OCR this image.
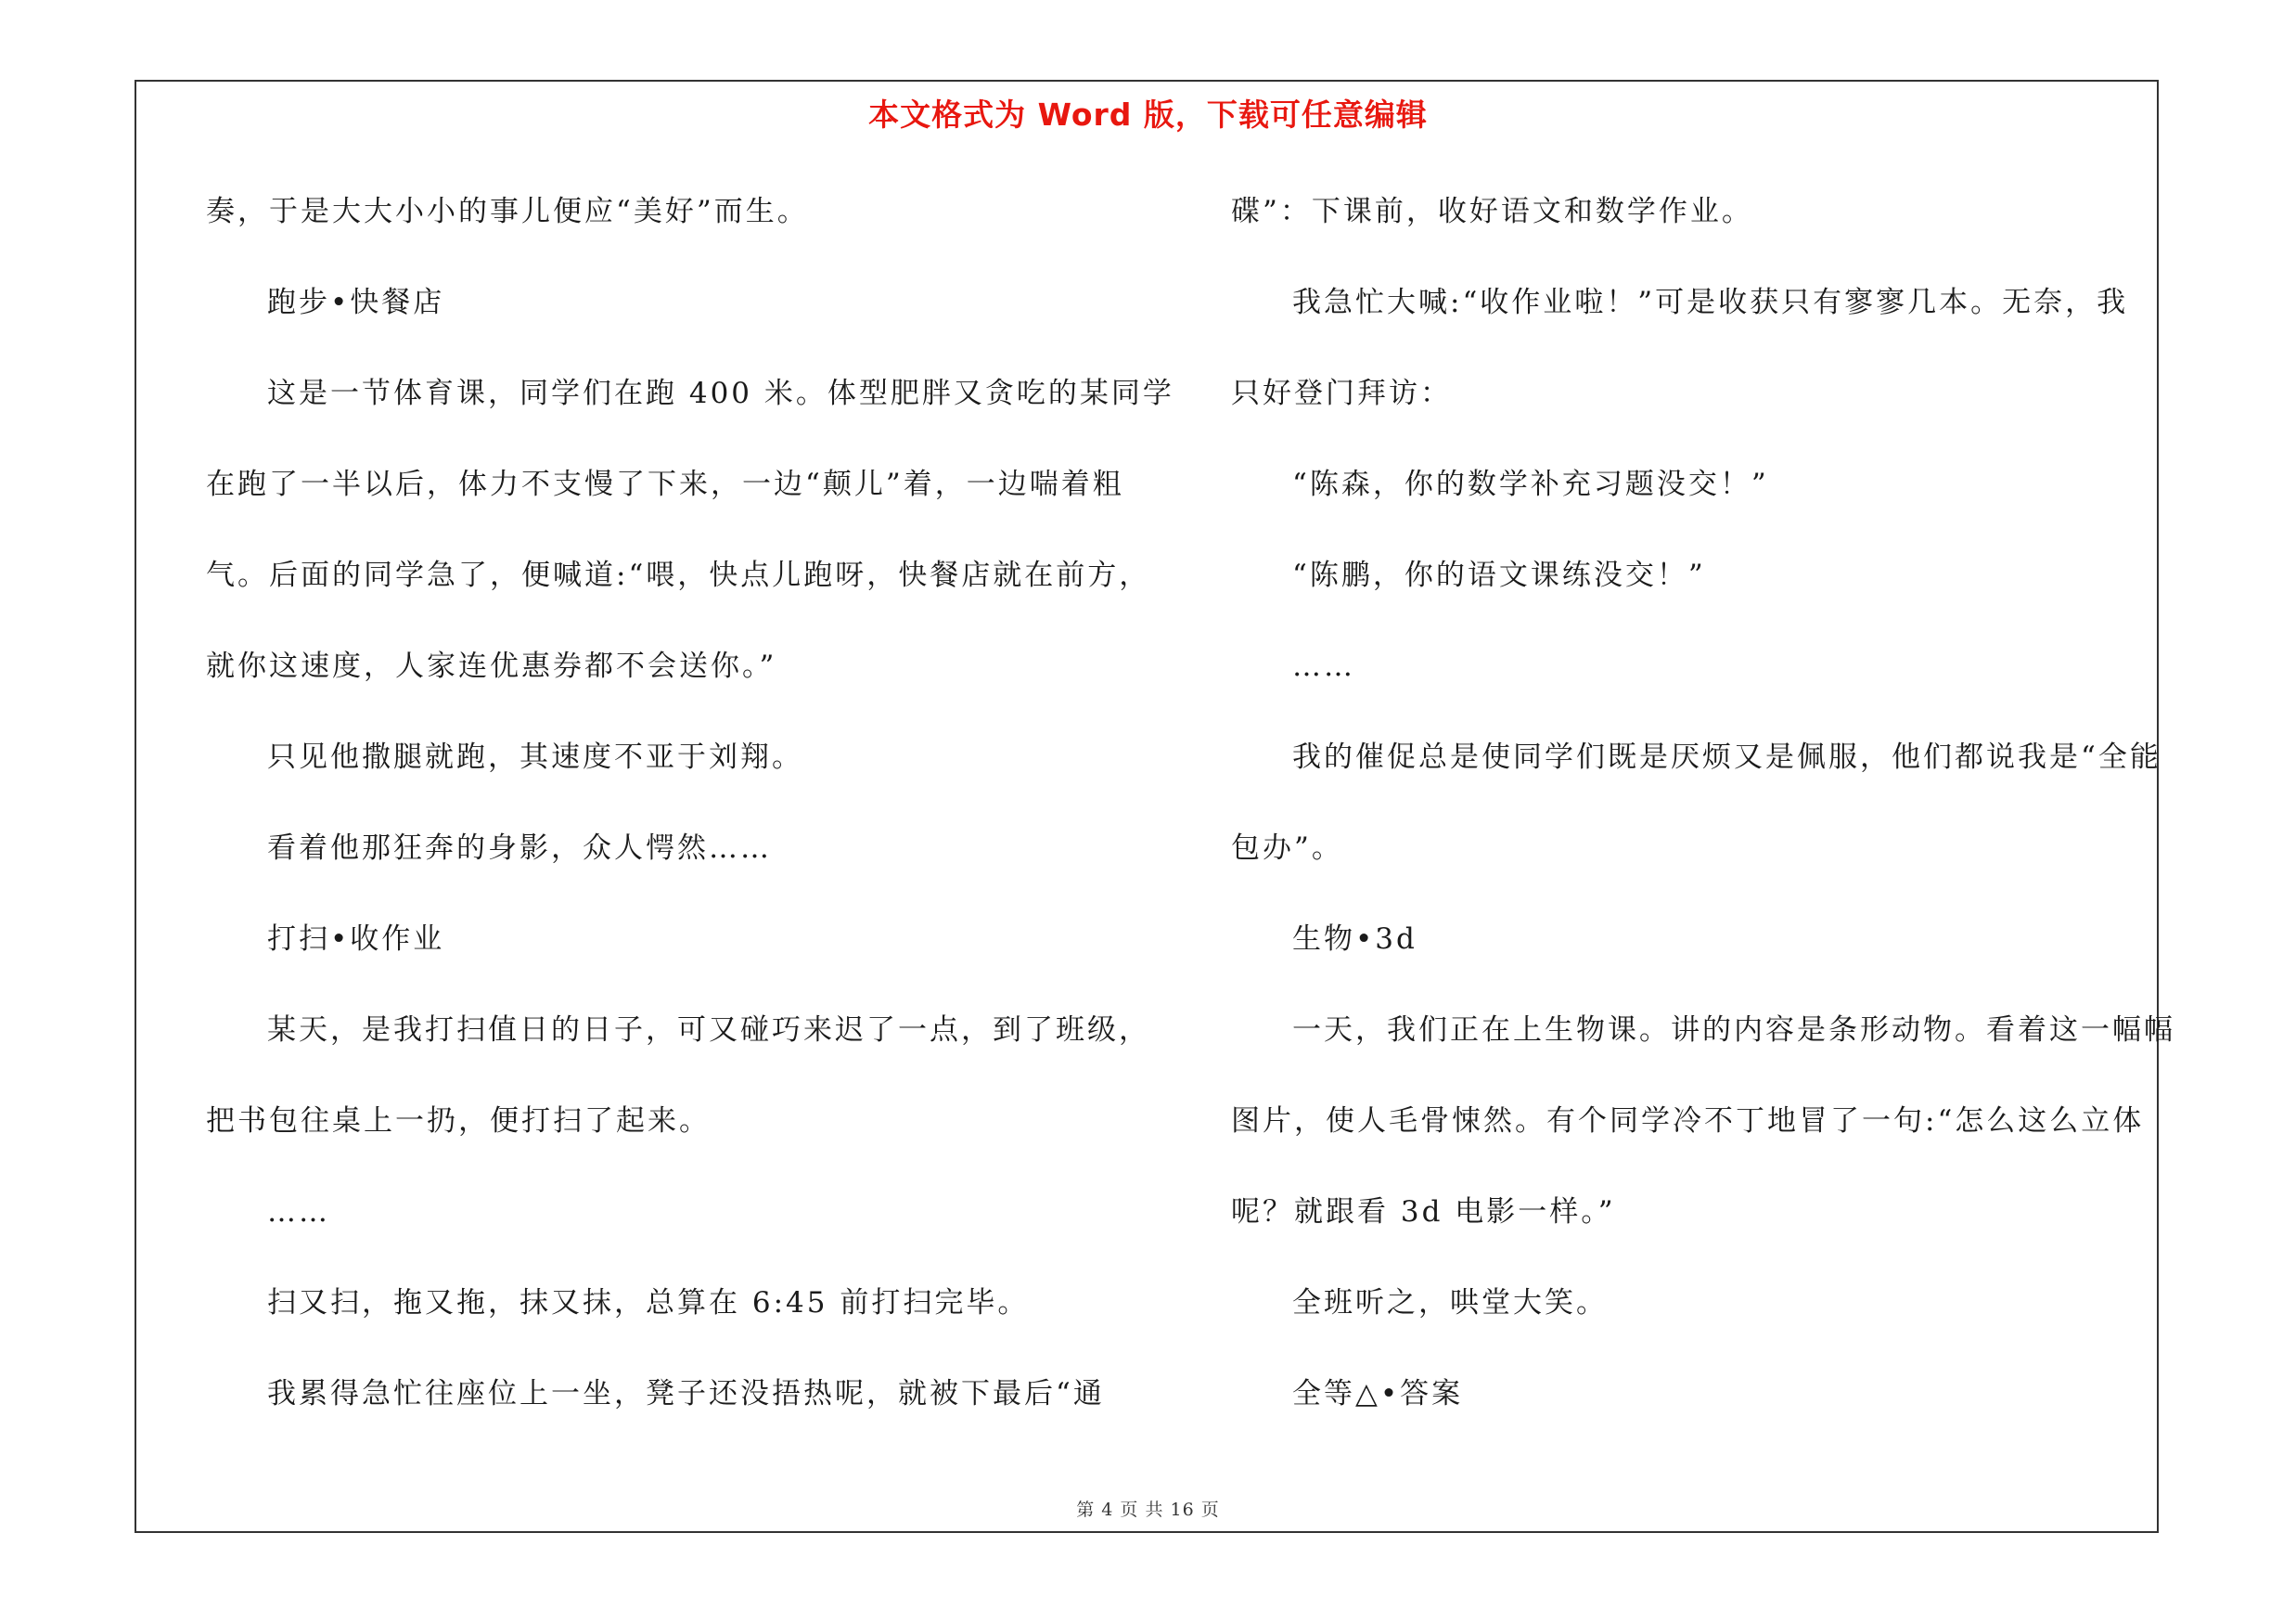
本文格式为 Word 版，下载可任意编辑
奏，于是大大小小的事儿便应“美好”而生。
跑步•快餐店
这是一节体育课，同学们在跑 400 米。体型肥胖又贪吃的某同学
在跑了一半以后，体力不支慢了下来，一边“颠儿”着，一边喘着粗
气。后面的同学急了，便喊道:“喂，快点儿跑呀，快餐店就在前方，
就你这速度，人家连优惠券都不会送你。”
只见他撒腿就跑，其速度不亚于刘翔。
看着他那狂奔的身影，众人愕然……
打扫•收作业
某天，是我打扫值日的日子，可又碰巧来迟了一点，到了班级，
把书包往桌上一扔，便打扫了起来。
……
扫又扫，拖又拖，抹又抹，总算在 6:45 前打扫完毕。
我累得急忙往座位上一坐，凳子还没捂热呢，就被下最后“通
碟”：下课前，收好语文和数学作业。
我急忙大喊:“收作业啦！”可是收获只有寥寥几本。无奈，我
只好登门拜访：
“陈森，你的数学补充习题没交！”
“陈鹏，你的语文课练没交！”
……
我的催促总是使同学们既是厌烦又是佩服，他们都说我是“全能
包办”。
生物•3d
一天，我们正在上生物课。讲的内容是条形动物。看着这一幅幅
图片，使人毛骨悚然。有个同学冷不丁地冒了一句:“怎么这么立体
呢？就跟看 3d 电影一样。”
全班听之，哄堂大笑。
全等△•答案
第 4 页 共 16 页
